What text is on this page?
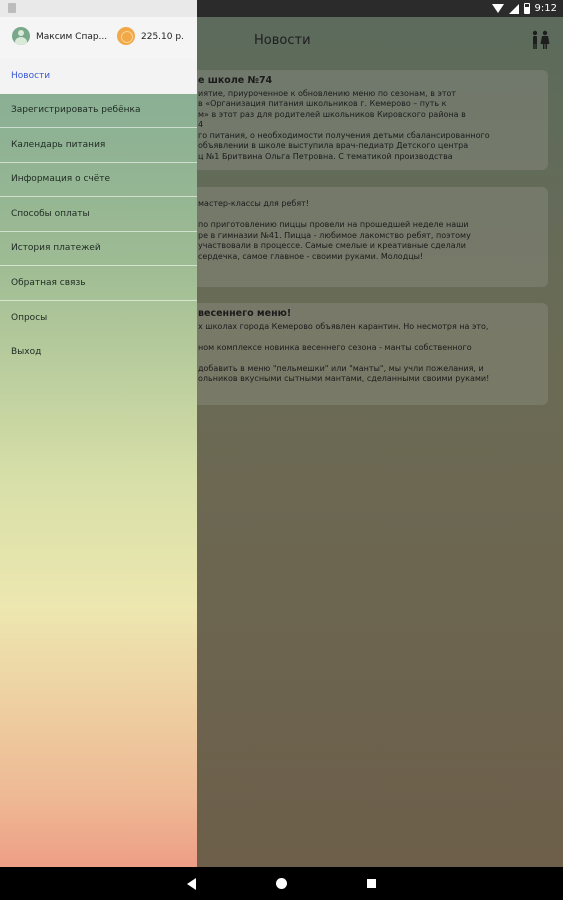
9:12
Новости
е школе №74
иятие, приуроченное к обновлению меню по сезонам, в этот
в «Организация питания школьников г. Кемерово – путь к
м» в этот раз для родителей школьников Кировского района в
4
го питания, о необходимости получения детьми сбалансированного
объявлении в школе выступила врач-педиатр Детского центра
ц №1 Бритвина Ольга Петровна. С тематикой производства
мастер-классы для ребят!

по приготовлению пиццы провели на прошедшей неделе наши
ре в гимназии №41. Пицца - любимое лакомство ребят, поэтому
участвовали в процессе. Самые смелые и креативные сделали
сердечка, самое главное - своими руками. Молодцы!
весеннего меню!
х школах города Кемерово объявлен карантин. Но несмотря на это,

ном комплексе новинка весеннего сезона - манты собственного

добавить в меню "пельмешки" или "манты", мы учли пожелания, и
ольников вкусными сытными мантами, сделанными своими руками!
Максим Спар...	225.10 р.
Новости
Зарегистрировать ребёнка
Календарь питания
Информация о счёте
Способы оплаты
История платежей
Обратная связь
Опросы
Выход
